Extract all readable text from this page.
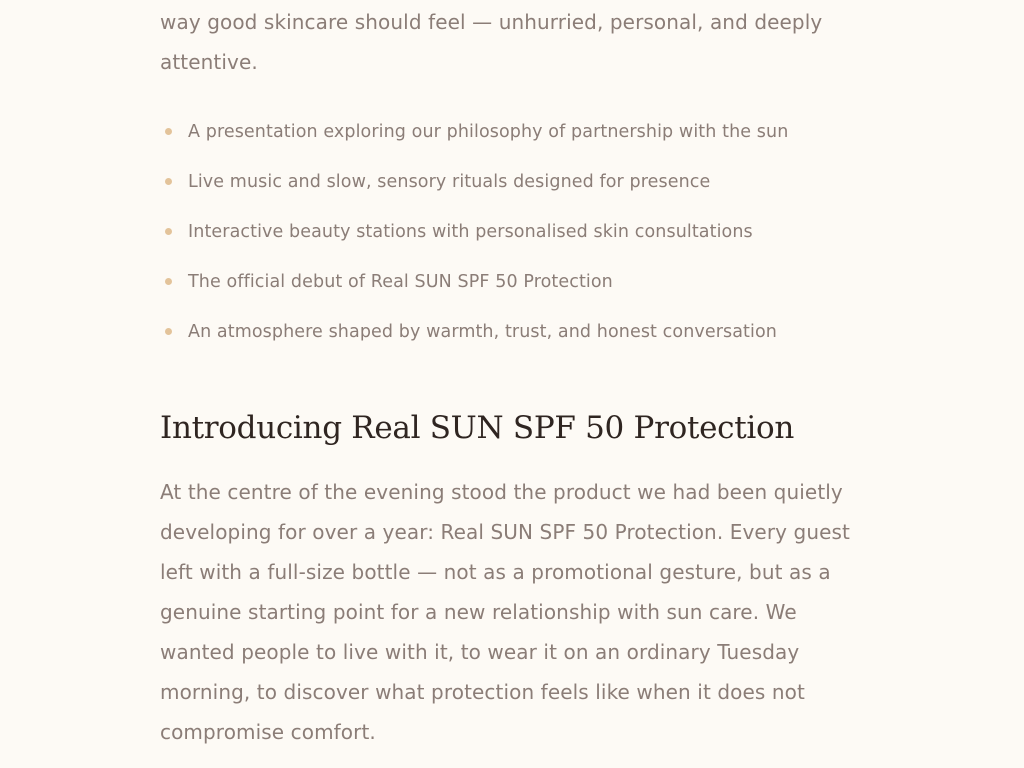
way good skincare should feel — unhurried, personal, and deeply
attentive.

A presentation exploring our philosophy of partnership with the sun
Live music and slow, sensory rituals designed for presence
Interactive beauty stations with personalised skin consultations
The official debut of Real SUN SPF 50 Protection
An atmosphere shaped by warmth, trust, and honest conversation
Introducing Real SUN SPF 50 Protection

At the centre of the evening stood the product we had been quietly
developing for over a year: Real SUN SPF 50 Protection. Every guest
left with a full-size bottle — not as a promotional gesture, but as a
genuine starting point for a new relationship with sun care. We
wanted people to live with it, to wear it on an ordinary Tuesday
morning, to discover what protection feels like when it does not
compromise comfort.
